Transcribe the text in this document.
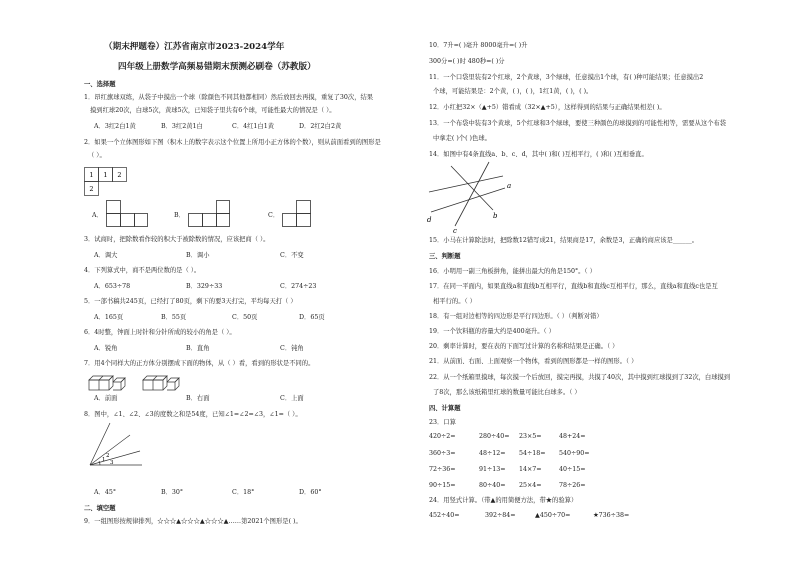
（期末押题卷）江苏省南京市2023-2024学年
四年级上册数学高频易错期末预测必刷卷（苏教版）
一、选择题
1．昂红旗球双练，从袋子中摸出一个球（除颜色不同其他都相同）然后放回去再摸，重复了30次，结果
摸到红球20次，白球5次，黄球5次，已知袋子里共有6个球，可能性最大的情况是（ ）。
A．3红2白1黄	B．3红2黄1白	C．4红1白1黄	D．2红2白2黄
2．如果一个立体图形如下图（积木上的数字表示这个位置上所用小正方体的个数），则从前面看到的图形是
（ ）。
1 1 2
2
A．	B．	C．
3．试商时，把除数看作较的积大于被除数的情况，应该把商（ ）。
A．调大	B．调小	C．不变
4．下列算式中，商不是两位数的是（ ）。
A．653÷78	B．329÷33	C．274÷23
5．一部书稿共245页，已经打了80页，剩下的要3天打完，平均每天打（ ）
A．165页	B．55页	C．50页	D．65页
6．4时整，钟面上时针和分针所成的较小的角是（ ）。
A．锐角	B．直角	C．钝角
7．用4个同样大的正方体分别摆成下面的物体，从（ ）看，看到的形状是不同的。
A．前面	B．右面	C．上面
8．图中，∠1、∠2、∠3的度数之和是54度，已知∠1=∠2=∠3，∠1=（ ）。
1
2
3
A．45°	B．30°	C．18°	D．60°
二、填空题
9．一组图形按规律排列，☆☆☆▲☆☆☆▲☆☆☆▲……第2021个图形是( )。
10．7升=( )毫升 8000毫升=( )升
300分=( )时 480秒=( )分
11．一个口袋里装有2个红球，2个黄球，3个绿球，任意摸出1个球，有( )种可能结果；任意摸出2
个球，可能结果是：2个黄，( )，( )，1红1黄，( )，( )。
12．小红把32×（▲+5）错看成（32×▲+5），这样得到的结果与正确结果相差( )。
13．一个布袋中装有3个黄球，5个红球和3个绿球，要使三种颜色的球摸到的可能性相等，需要从这个布袋
中拿走( )个( )色球。
14．如图中有4条直线a、b、c、d，其中( )和( )互相平行，( )和( )互相垂直。
a
b
c
d
15．小马在计算除法时，把除数12错写成21，结果商是17，余数是3，正确的商应该是______。
三、判断题
16．小明用一副三角板拼角，能拼出最大的角是150°。（ ）
17．在同一平面内，如果直线a和直线b互相平行，直线b和直线c互相平行，那么，直线a和直线c也是互
相平行的。（ ）
18．有一组对边相等的四边形是平行四边形。（ ）（判断对错）
19．一个饮料瓶的容量大约是400毫升。（ ）
20．剩率计算时，要在表的下面写过计算的名称和结果是正确。（ ）
21．从前面、右面、上面观察一个物体，看到的图形都是一样的图形。（ ）
22．从一个纸箱里摸球，每次摸一个后放回，摸完再摸，共摸了40次，其中摸到红球摸到了32次，白球摸到
了8次，那么该纸箱里红球的数量可能比白球多。（ ）
四、计算题
23．口算
420÷2=	280÷40= 23×5=	48+24=
360÷3=	48÷12= 54÷18= 540÷90=
72÷36=	91÷13= 14×7=	40÷15=
90÷15=	80÷40= 25×4=	78÷26=
24．用竖式计算。（带▲的用简便方法，带★的验算）
452÷40=	392÷84=	▲450÷70=	★736÷38=
